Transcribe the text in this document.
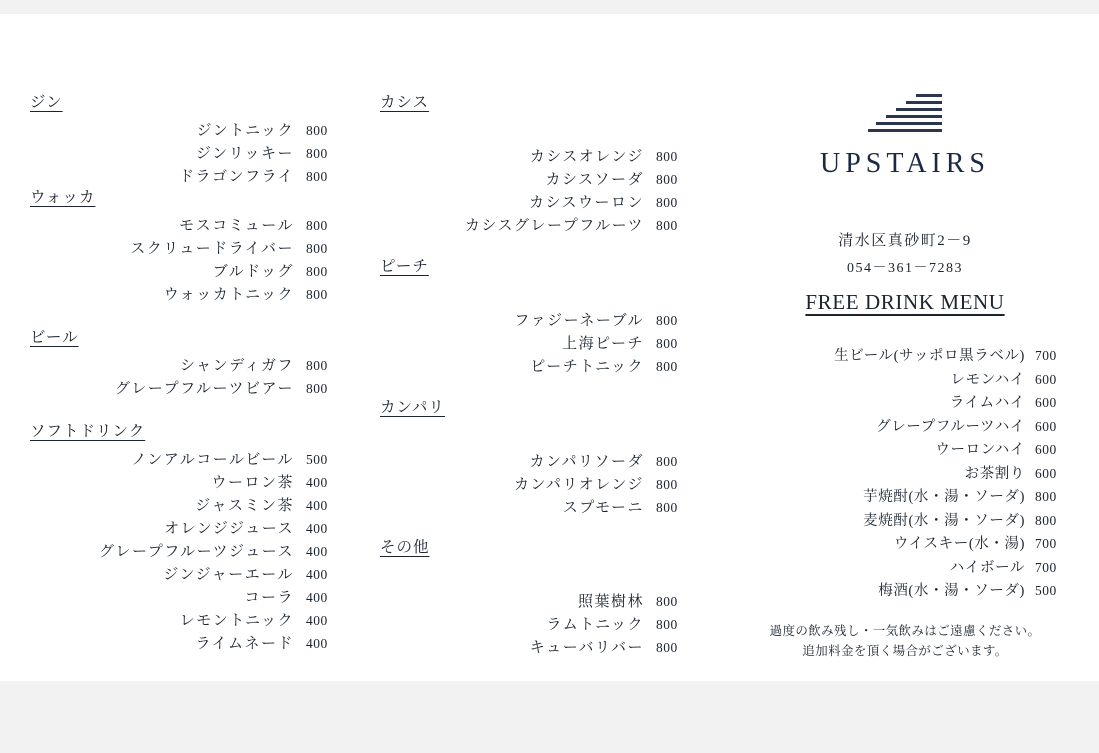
ジン
ジントニック 800
ジンリッキー 800
ドラゴンフライ 800
ウォッカ
モスコミュール 800
スクリュードライバー 800
ブルドッグ 800
ウォッカトニック 800
ビール
シャンディガフ 800
グレープフルーツビアー 800
ソフトドリンク
ノンアルコールビール 500
ウーロン茶 400
ジャスミン茶 400
オレンジジュース 400
グレープフルーツジュース 400
ジンジャーエール 400
コーラ 400
レモントニック 400
ライムネード 400
カシス
カシスオレンジ 800
カシスソーダ 800
カシスウーロン 800
カシスグレープフルーツ 800
ピーチ
ファジーネーブル 800
上海ピーチ 800
ピーチトニック 800
カンパリ
カンパリソーダ 800
カンパリオレンジ 800
スプモーニ 800
その他
照葉樹林 800
ラムトニック 800
キューバリバー 800
UPSTAIRS
清水区真砂町2－9
054－361－7283
FREE DRINK MENU
生ビール(サッポロ黒ラベル) 700
レモンハイ 600
ライムハイ 600
グレープフルーツハイ 600
ウーロンハイ 600
お茶割り 600
芋焼酎(水・湯・ソーダ) 800
麦焼酎(水・湯・ソーダ) 800
ウイスキー(水・湯) 700
ハイボール 700
梅酒(水・湯・ソーダ) 500
過度の飲み残し・一気飲みはご遠慮ください。
追加料金を頂く場合がございます。
